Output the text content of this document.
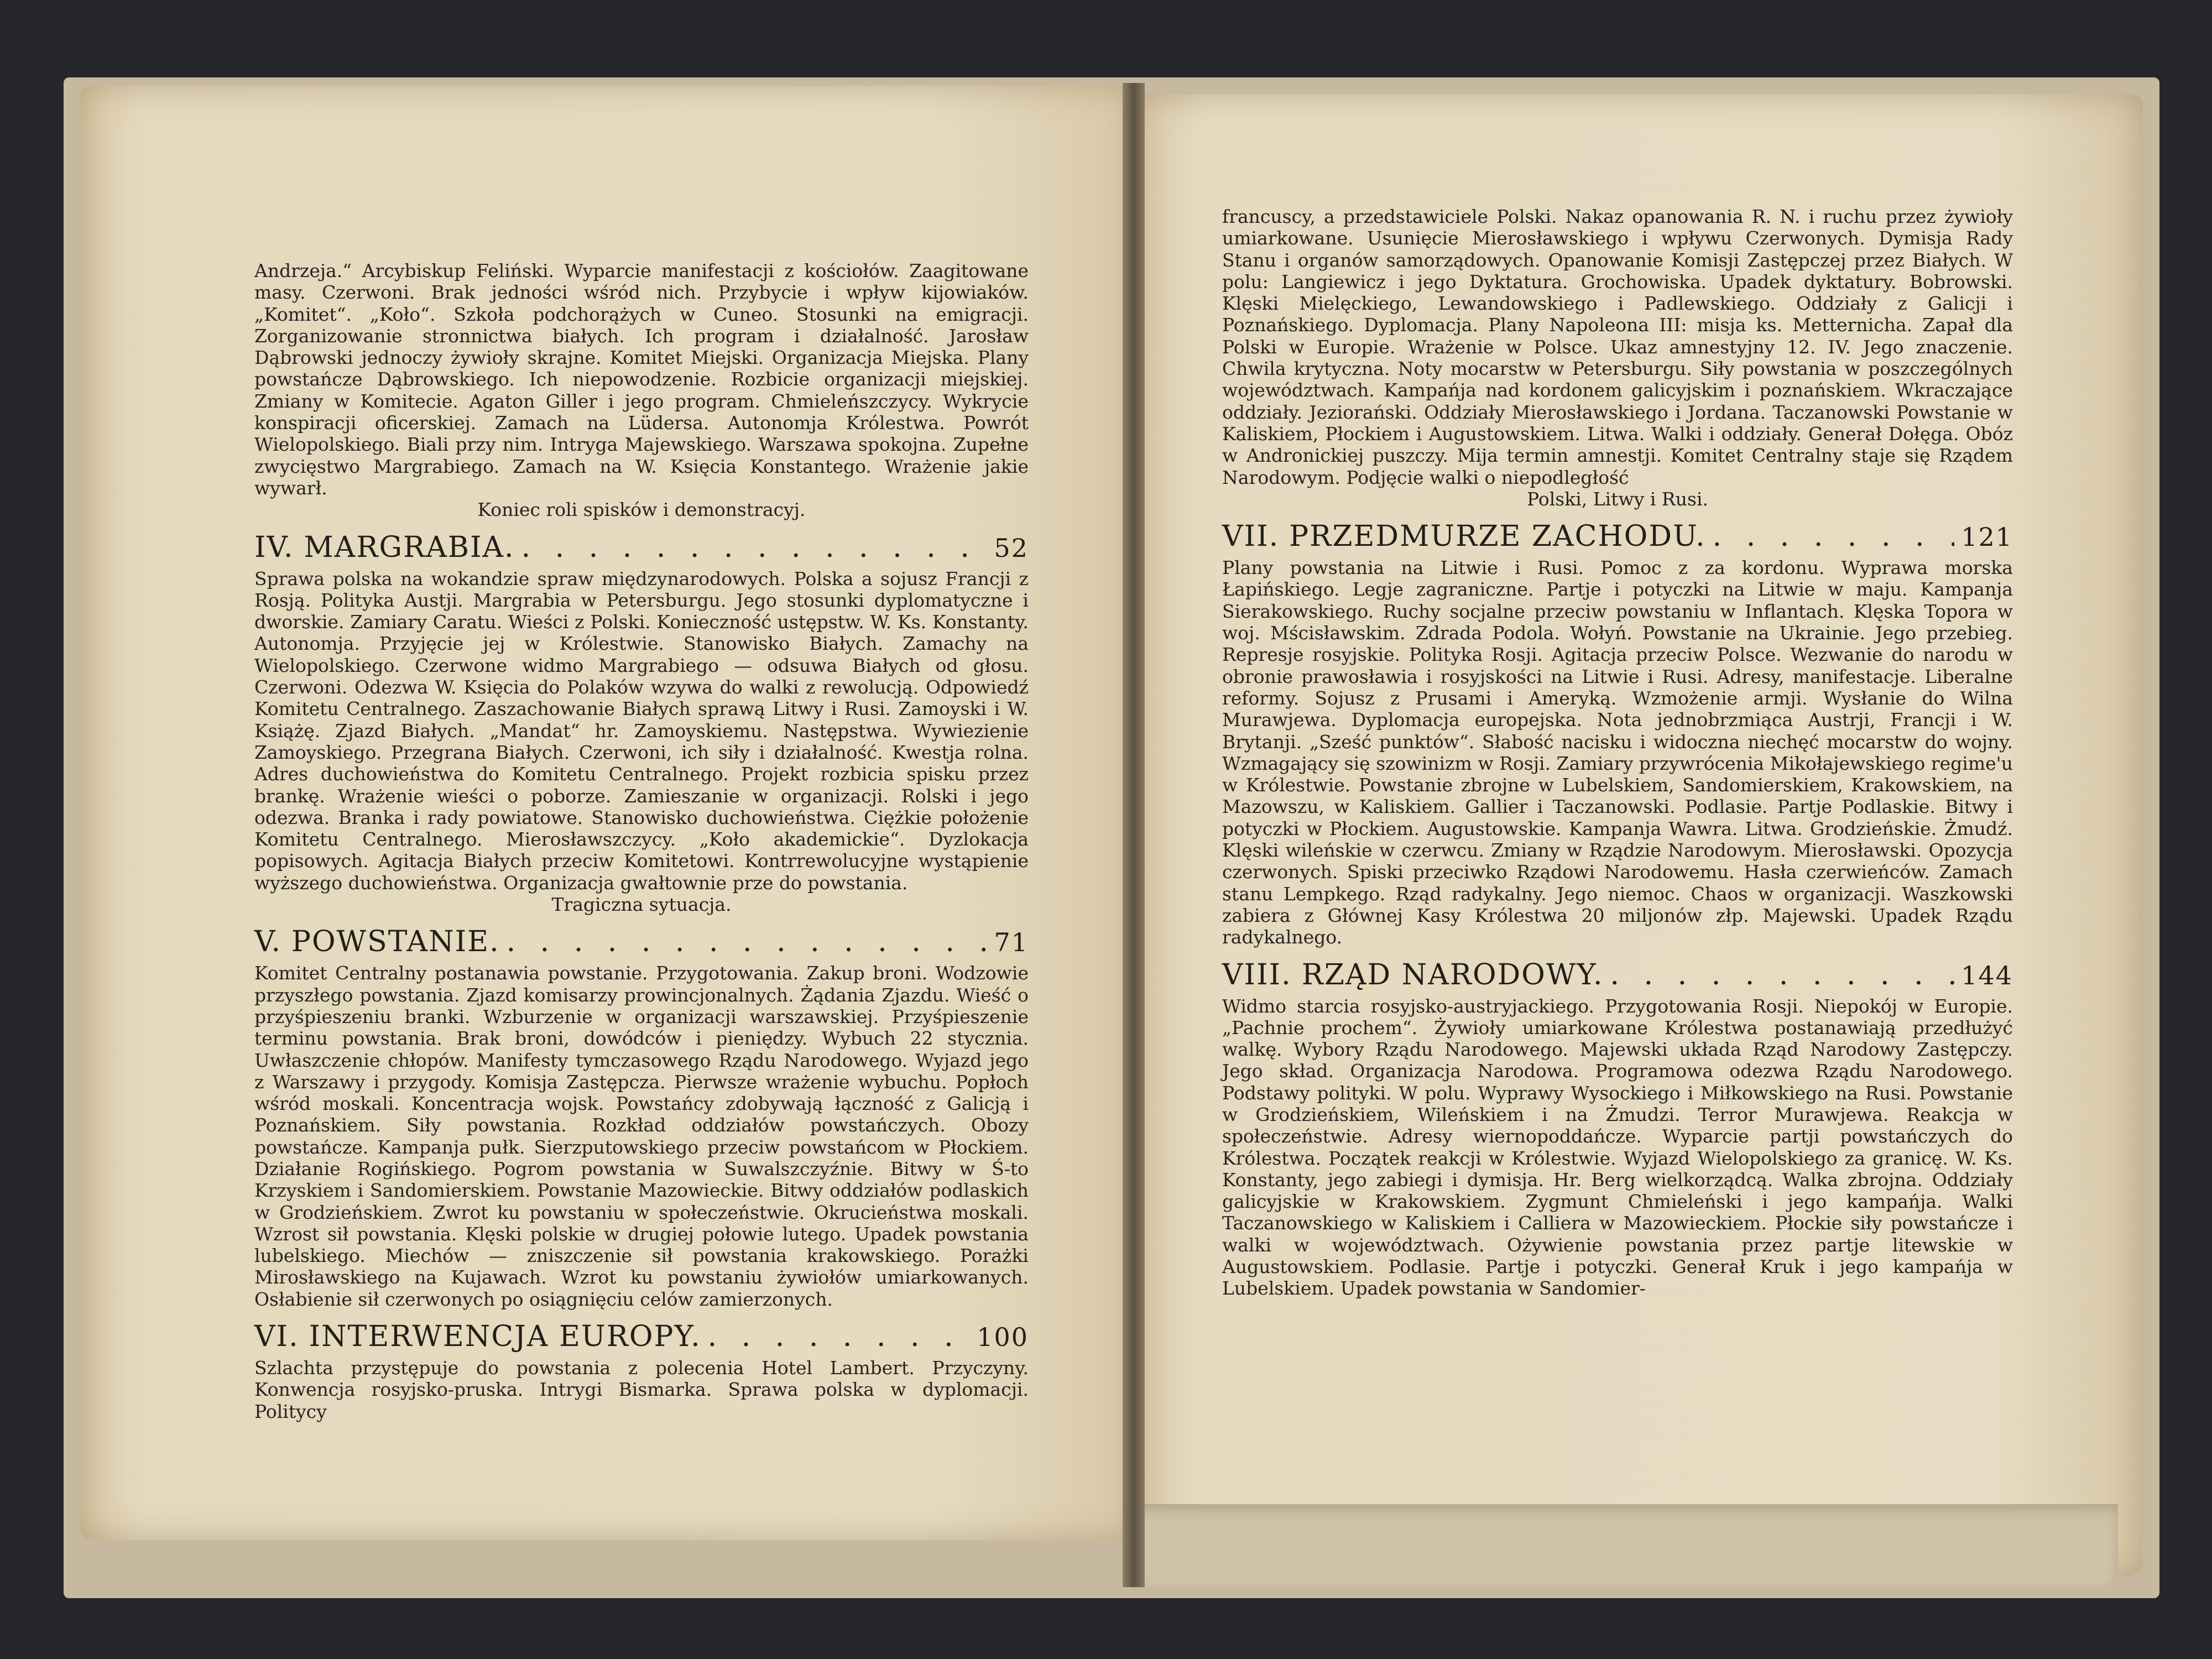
Andrzeja.“ Arcybiskup Feliński. Wyparcie manifestacji z kościołów. Zaagitowane masy. Czerwoni. Brak jedności wśród nich. Przybycie i wpływ kijowiaków. „Komitet“. „Koło“. Szkoła podchorążych w Cuneo. Stosunki na emigracji. Zorganizowanie stronnictwa białych. Ich program i działalność. Jarosław Dąbrowski jednoczy żywioły skrajne. Komitet Miejski. Organizacja Miejska. Plany powstańcze Dąbrowskiego. Ich niepowodzenie. Rozbicie organizacji miejskiej. Zmiany w Komitecie. Agaton Giller i jego program. Chmieleńszczycy. Wykrycie konspiracji oficerskiej. Zamach na Lüdersa. Autonomja Królestwa. Powrót Wielopolskiego. Biali przy nim. Intryga Majewskiego. Warszawa spokojna. Zupełne zwycięstwo Margrabiego. Zamach na W. Księcia Konstantego. Wrażenie jakie wywarł.

Koniec roli spisków i demonstracyj.

IV. MARGRABIA. . . .	52

Sprawa polska na wokandzie spraw międzynarodowych. Polska a sojusz Francji z Rosją. Polityka Austji. Margrabia w Petersburgu. Jego stosunki dyplomatyczne i dworskie. Zamiary Caratu. Wieści z Polski. Konieczność ustępstw. W. Ks. Konstanty. Autonomja. Przyjęcie jej w Królestwie. Stanowisko Białych. Zamachy na Wielopolskiego. Czerwone widmo Margrabiego — odsuwa Białych od głosu. Czerwoni. Odezwa W. Księcia do Polaków wzywa do walki z rewolucją. Odpowiedź Komitetu Centralnego. Zaszachowanie Białych sprawą Litwy i Rusi. Zamoyski i W. Książę. Zjazd Białych. „Mandat“ hr. Zamoyskiemu. Następstwa. Wywiezienie Zamoyskiego. Przegrana Białych. Czerwoni, ich siły i działalność. Kwestja rolna. Adres duchowieństwa do Komitetu Centralnego. Projekt rozbicia spisku przez brankę. Wrażenie wieści o poborze. Zamieszanie w organizacji. Rolski i jego odezwa. Branka i rady powiatowe. Stanowisko duchowieństwa. Ciężkie położenie Komitetu Centralnego. Mierosławszczycy. „Koło akademickie“. Dyzlokacja popisowych. Agitacja Białych przeciw Komitetowi. Kontrrewolucyjne wystąpienie wyższego duchowieństwa. Organizacja gwałtownie prze do powstania.

Tragiczna sytuacja.

V. POWSTANIE. . . .	71

Komitet Centralny postanawia powstanie. Przygotowania. Zakup broni. Wodzowie przyszłego powstania. Zjazd komisarzy prowincjonalnych. Żądania Zjazdu. Wieść o przyśpieszeniu branki. Wzburzenie w organizacji warszawskiej. Przyśpieszenie terminu powstania. Brak broni, dowódców i pieniędzy. Wybuch 22 stycznia. Uwłaszczenie chłopów. Manifesty tymczasowego Rządu Narodowego. Wyjazd jego z Warszawy i przygody. Komisja Zastępcza. Pierwsze wrażenie wybuchu. Popłoch wśród moskali. Koncentracja wojsk. Powstańcy zdobywają łączność z Galicją i Poznańskiem. Siły powstania. Rozkład oddziałów powstańczych. Obozy powstańcze. Kampanja pułk. Sierzputowskiego przeciw powstańcom w Płockiem. Działanie Rogińskiego. Pogrom powstania w Suwalszczyźnie. Bitwy w Ś-to Krzyskiem i Sandomierskiem. Powstanie Mazowieckie. Bitwy oddziałów podlaskich w Grodzieńskiem. Zwrot ku powstaniu w społeczeństwie. Okrucieństwa moskali. Wzrost sił powstania. Klęski polskie w drugiej połowie lutego. Upadek powstania lubelskiego. Miechów — zniszczenie sił powstania krakowskiego. Porażki Mirosławskiego na Kujawach. Wzrot ku powstaniu żywiołów umiarkowanych. Osłabienie sił czerwonych po osiągnięciu celów zamierzonych.

VI. INTERWENCJA EUROPY. . . .	100

Szlachta przystępuje do powstania z polecenia Hotel Lambert. Przyczyny. Konwencja rosyjsko-pruska. Intrygi Bismarka. Sprawa polska w dyplomacji. Politycy

francuscy, a przedstawiciele Polski. Nakaz opanowania R. N. i ruchu przez żywioły umiarkowane. Usunięcie Mierosławskiego i wpływu Czerwonych. Dymisja Rady Stanu i organów samorządowych. Opanowanie Komisji Zastępczej przez Białych. W polu: Langiewicz i jego Dyktatura. Grochowiska. Upadek dyktatury. Bobrowski. Klęski Mielęckiego, Lewandowskiego i Padlewskiego. Oddziały z Galicji i Poznańskiego. Dyplomacja. Plany Napoleona III: misja ks. Metternicha. Zapał dla Polski w Europie. Wrażenie w Polsce. Ukaz amnestyjny 12. IV. Jego znaczenie. Chwila krytyczna. Noty mocarstw w Petersburgu. Siły powstania w poszczególnych województwach. Kampańja nad kordonem galicyjskim i poznańskiem. Wkraczające oddziały. Jeziorański. Oddziały Mierosławskiego i Jordana. Taczanowski Powstanie w Kaliskiem, Płockiem i Augustowskiem. Litwa. Walki i oddziały. Generał Dołęga. Obóz w Andronickiej puszczy. Mija termin amnestji. Komitet Centralny staje się Rządem Narodowym. Podjęcie walki o niepodległość

Polski, Litwy i Rusi.

VII. PRZEDMURZE ZACHODU. . . .	121

Plany powstania na Litwie i Rusi. Pomoc z za kordonu. Wyprawa morska Łapińskiego. Legje zagraniczne. Partje i potyczki na Litwie w maju. Kampanja Sierakowskiego. Ruchy socjalne przeciw powstaniu w Inflantach. Klęska Topora w woj. Mścisławskim. Zdrada Podola. Wołyń. Powstanie na Ukrainie. Jego przebieg. Represje rosyjskie. Polityka Rosji. Agitacja przeciw Polsce. Wezwanie do narodu w obronie prawosławia i rosyjskości na Litwie i Rusi. Adresy, manifestacje. Liberalne reformy. Sojusz z Prusami i Ameryką. Wzmożenie armji. Wysłanie do Wilna Murawjewa. Dyplomacja europejska. Nota jednobrzmiąca Austrji, Francji i W. Brytanji. „Sześć punktów“. Słabość nacisku i widoczna niechęć mocarstw do wojny. Wzmagający się szowinizm w Rosji. Zamiary przywrócenia Mikołajewskiego regime'u w Królestwie. Powstanie zbrojne w Lubelskiem, Sandomierskiem, Krakowskiem, na Mazowszu, w Kaliskiem. Gallier i Taczanowski. Podlasie. Partje Podlaskie. Bitwy i potyczki w Płockiem. Augustowskie. Kampanja Wawra. Litwa. Grodzieńskie. Żmudź. Klęski wileńskie w czerwcu. Zmiany w Rządzie Narodowym. Mierosławski. Opozycja czerwonych. Spiski przeciwko Rządowi Narodowemu. Hasła czerwieńców. Zamach stanu Lempkego. Rząd radykalny. Jego niemoc. Chaos w organizacji. Waszkowski zabiera z Głównej Kasy Królestwa 20 miljonów złp. Majewski. Upadek Rządu radykalnego.

VIII. RZĄD NARODOWY. . . .	144

Widmo starcia rosyjsko-austryjackiego. Przygotowania Rosji. Niepokój w Europie. „Pachnie prochem“. Żywioły umiarkowane Królestwa postanawiają przedłużyć walkę. Wybory Rządu Narodowego. Majewski układa Rząd Narodowy Zastępczy. Jego skład. Organizacja Narodowa. Programowa odezwa Rządu Narodowego. Podstawy polityki. W polu. Wyprawy Wysockiego i Miłkowskiego na Rusi. Powstanie w Grodzieńskiem, Wileńskiem i na Żmudzi. Terror Murawjewa. Reakcja w społeczeństwie. Adresy wiernopoddańcze. Wyparcie partji powstańczych do Królestwa. Początek reakcji w Królestwie. Wyjazd Wielopolskiego za granicę. W. Ks. Konstanty, jego zabiegi i dymisja. Hr. Berg wielkorządcą. Walka zbrojna. Oddziały galicyjskie w Krakowskiem. Zygmunt Chmieleński i jego kampańja. Walki Taczanowskiego w Kaliskiem i Calliera w Mazowieckiem. Płockie siły powstańcze i walki w województwach. Ożywienie powstania przez partje litewskie w Augustowskiem. Podlasie. Partje i potyczki. Generał Kruk i jego kampańja w Lubelskiem. Upadek powstania w Sandomier-
